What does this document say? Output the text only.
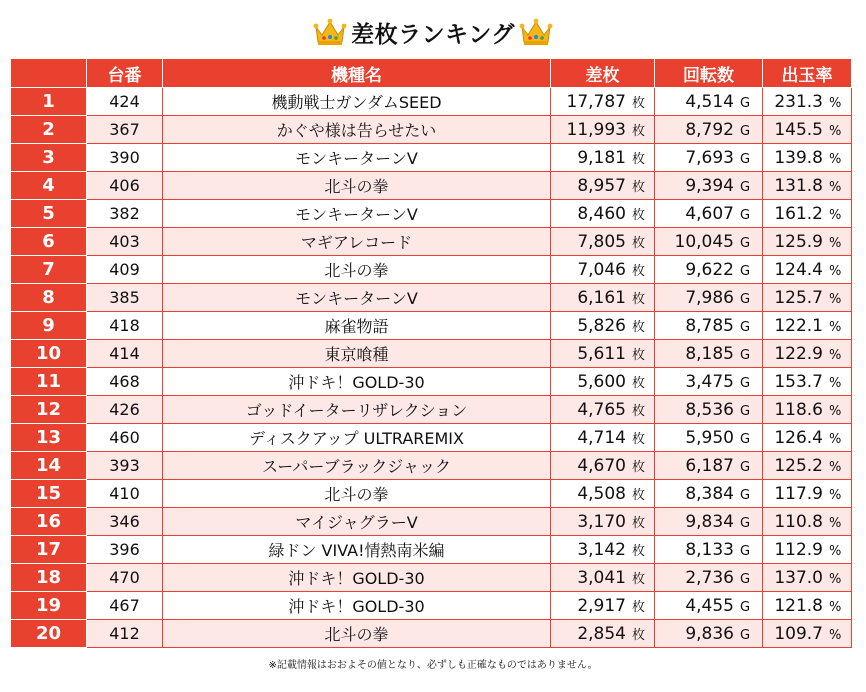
差枚ランキング
	台番	機種名	差枚	回転数	出玉率
1	424	機動戦士ガンダムSEED	17,787 枚	4,514 G	231.3 %
2	367	かぐや様は告らせたい	11,993 枚	8,792 G	145.5 %
3	390	モンキーターンV	9,181 枚	7,693 G	139.8 %
4	406	北斗の拳	8,957 枚	9,394 G	131.8 %
5	382	モンキーターンV	8,460 枚	4,607 G	161.2 %
6	403	マギアレコード	7,805 枚	10,045 G	125.9 %
7	409	北斗の拳	7,046 枚	9,622 G	124.4 %
8	385	モンキーターンV	6,161 枚	7,986 G	125.7 %
9	418	麻雀物語	5,826 枚	8,785 G	122.1 %
10	414	東京喰種	5,611 枚	8,185 G	122.9 %
11	468	沖ドキ！GOLD-30	5,600 枚	3,475 G	153.7 %
12	426	ゴッドイーターリザレクション	4,765 枚	8,536 G	118.6 %
13	460	ディスクアップ ULTRAREMIX	4,714 枚	5,950 G	126.4 %
14	393	スーパーブラックジャック	4,670 枚	6,187 G	125.2 %
15	410	北斗の拳	4,508 枚	8,384 G	117.9 %
16	346	マイジャグラーV	3,170 枚	9,834 G	110.8 %
17	396	緑ドン VIVA!情熱南米編	3,142 枚	8,133 G	112.9 %
18	470	沖ドキ！GOLD-30	3,041 枚	2,736 G	137.0 %
19	467	沖ドキ！GOLD-30	2,917 枚	4,455 G	121.8 %
20	412	北斗の拳	2,854 枚	9,836 G	109.7 %
※記載情報はおおよその値となり、必ずしも正確なものではありません。
